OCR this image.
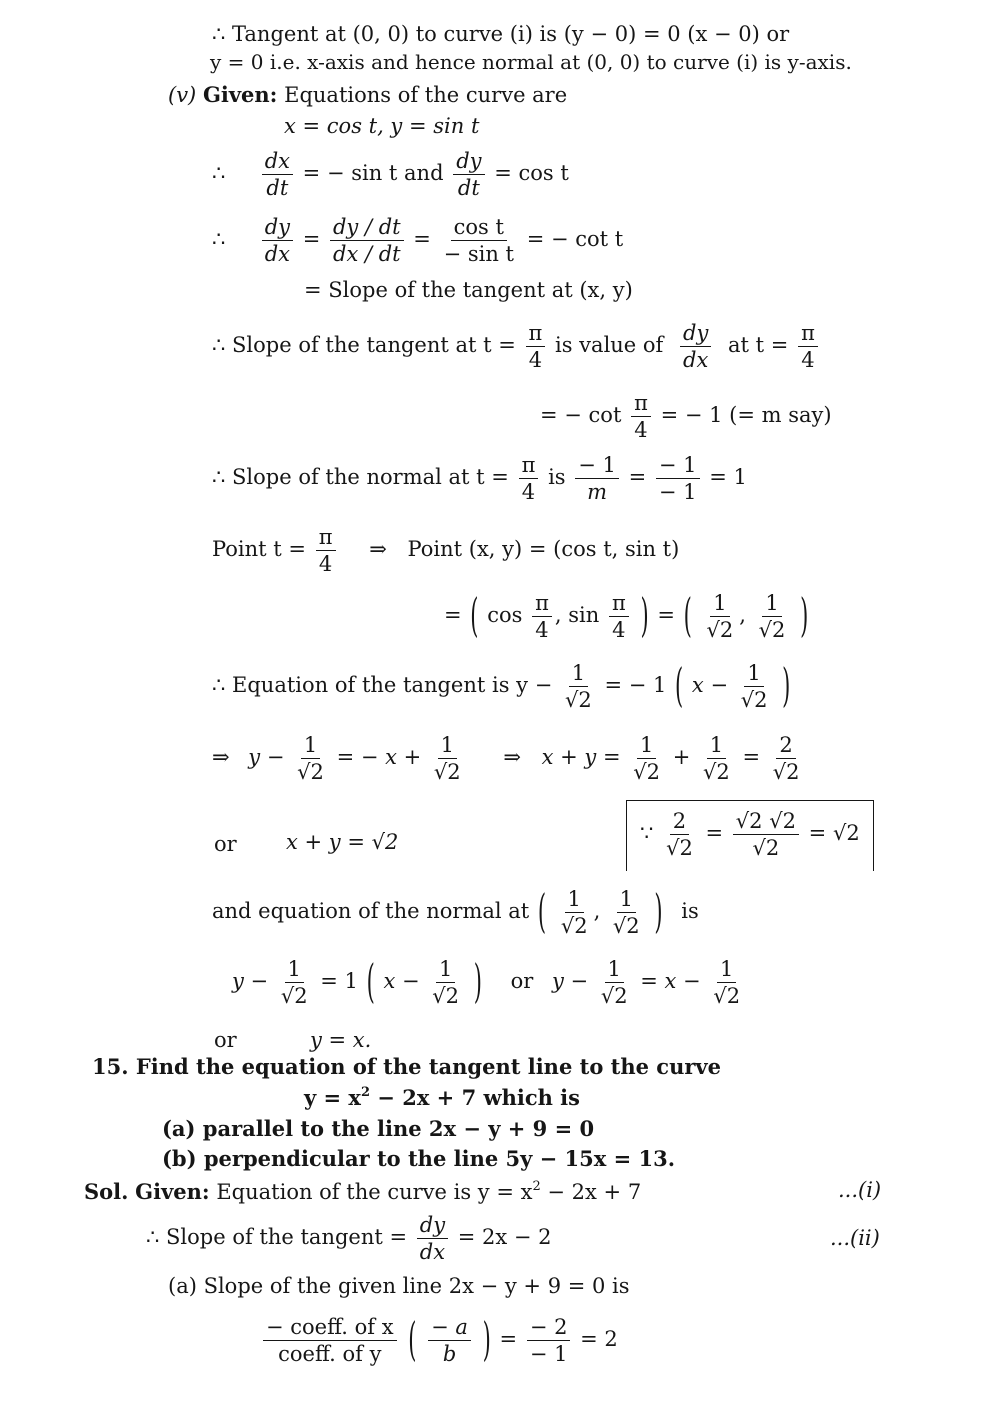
∴ Tangent at (0, 0) to curve (i) is (y − 0) = 0 (x − 0) or
y = 0 i.e. x-axis and hence normal at (0, 0) to curve (i) is y-axis.
(v) Given: Equations of the curve are
x = cos t, y = sin t
∴ $\frac{dx}{dt}$ = − sin t and $\frac{dy}{dt} = \cos t$
∴ $\frac{dy}{dx} = \frac{dy / dt}{dx / dt} = \frac{\text{cos t}}{\text{− sin t}}$ = − cot t
= Slope of the tangent at (x, y)
∴ Slope of the tangent at $t = \frac{\pi}{4}$ is value of $\frac{dy}{dx}$ at $t = \frac{\pi}{4}$
= − $\cot \frac{\pi}{4}$ = − 1 (= m say)
∴ Slope of the normal at $t = \frac{\pi}{4}$ is $\frac{- 1}{m} = \frac{- 1}{- 1} = 1$
Point $t = \frac{\pi}{4}$ ⇒ Point (x, y) = (cos t, sin t)
= ( $\cos \frac{\pi}{4}$ , $\sin \frac{\pi}{4}$ ) = ( $\frac{1}{√2}$ , $\frac{1}{√2}$ )
∴ Equation of the tangent is $y - \frac{1}{√2}$ = − 1 ( $x - \frac{1}{√2}$ )
⇒ $y - \frac{1}{√2}$ = − $x + \frac{1}{√2}$ ⇒ $x + y = \frac{1}{√2} + \frac{1}{√2} = \frac{2}{√2}$
or x + y = √2	∵ $\frac{2}{√2} = \frac{√2 √2}{√2} = √2$
and equation of the normal at ( $\frac{1}{√2}$ , $\frac{1}{√2}$ ) is
$y - \frac{1}{√2} = 1$ ( $x - \frac{1}{√2}$ ) or $y - \frac{1}{√2} = x - \frac{1}{√2}$
or	y = x.
15. Find the equation of the tangent line to the curve
$y = x^2 - 2x + 7$ which is
(a) parallel to the line 2x − y + 9 = 0
(b) perpendicular to the line 5y − 15x = 13.
Sol. Given: Equation of the curve is $y = x^2 - 2x + 7$	...(i)
∴ Slope of the tangent = $\frac{dy}{dx} = 2x - 2$	...(ii)
(a) Slope of the given line 2x − y + 9 = 0 is
$\frac{\text{− coeff. of x}}{\text{coeff. of y}}$ ( $\frac{- a}{b}$ ) = $\frac{- 2}{- 1} = 2$
